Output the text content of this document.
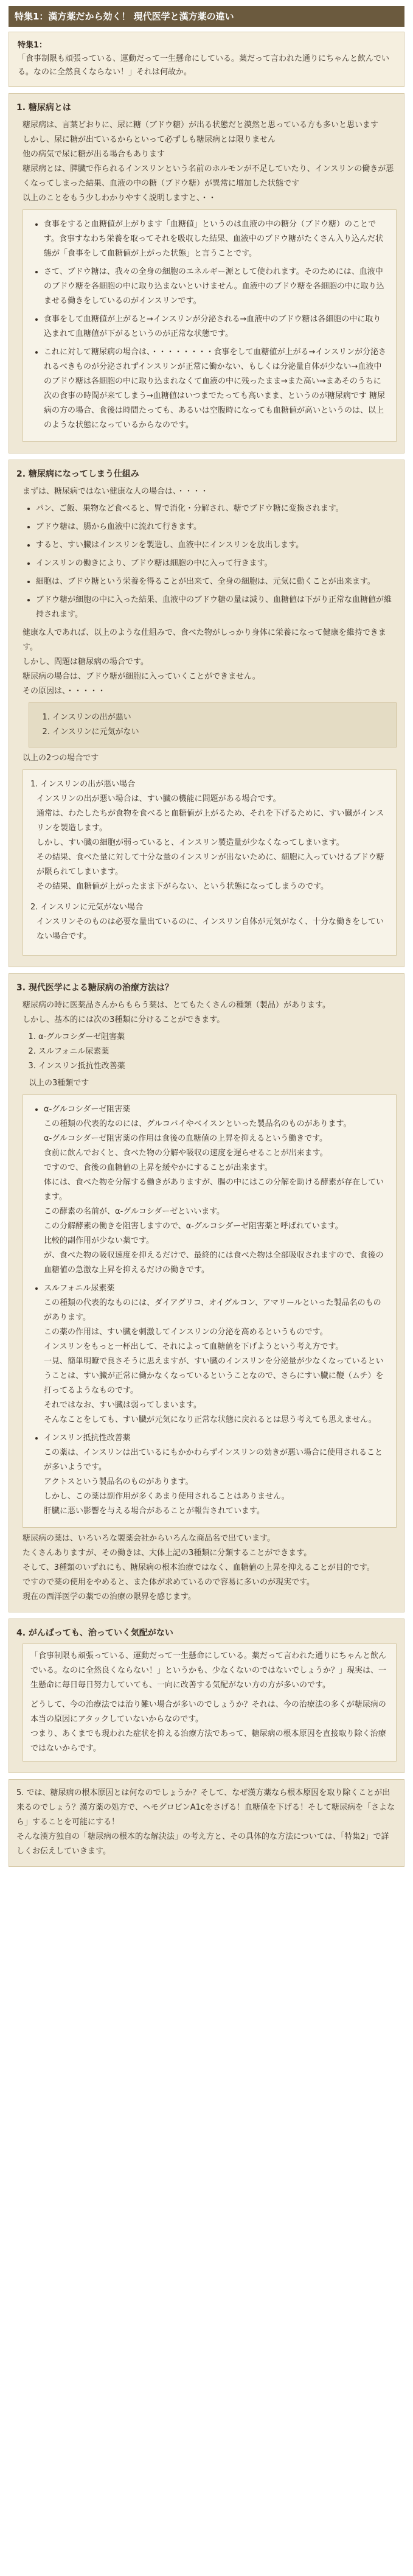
特集1：漢方薬だから効く！ 現代医学と漢方薬の違い
特集1：
「食事制限も頑張っている、運動だって一生懸命にしている。薬だって言われた通りにちゃんと飲んでいる。なのに全然良くならない！」それは何故か。
1. 糖尿病とは

糖尿病は、言葉どおりに、尿に糖（ブドウ糖）が出る状態だと漠然と思っている方も多いと思います

しかし、尿に糖が出ているからといって必ずしも糖尿病とは限りません

他の病気で尿に糖が出る場合もあります

糖尿病とは、膵臓で作られるインスリンという名前のホルモンが不足していたり、インスリンの働きが悪くなってしまった結果、血液の中の糖（ブドウ糖）が異常に増加した状態です

以上のことをもう少しわかりやすく説明しますと、・・

• 食事をすると血糖値が上がります「血糖値」というのは血液の中の糖分（ブドウ糖）のことです。食事すなわち栄養を取ってそれを吸収した結果、血液中のブドウ糖がたくさん入り込んだ状態が「食事をして血糖値が上がった状態」と言うことです。
• さて、ブドウ糖は、我々の全身の細胞のエネルギー源として使われます。そのためには、血液中のブドウ糖を各細胞の中に取り込まないといけません。血液中のブドウ糖を各細胞の中に取り込ませる働きをしているのがインスリンです。
• 食事をして血糖値が上がると→インスリンが分泌される→血液中のブドウ糖は各細胞の中に取り込まれて血糖値が下がるというのが正常な状態です。
• これに対して糖尿病の場合は、・・・・・・・・食事をして血糖値が上がる→インスリンが分泌されるべきものが分泌されずインスリンが正常に働かない、もしくは分泌量自体が少ない→血液中のブドウ糖は各細胞の中に取り込まれなくて血液の中に残ったまま→また高い→まあそのうちに次の食事の時間が来てしまう→血糖値はいつまでたっても高いまま、というのが糖尿病です 糖尿病の方の場合、食後は時間たっても、あるいは空腹時になっても血糖値が高いというのは、以上のような状態になっているからなのです。
2. 糖尿病になってしまう仕組み

まずは、糖尿病ではない健康な人の場合は、・・・・

• パン、ご飯、果物など食べると、胃で消化・分解され、糖でブドウ糖に変換されます。
• ブドウ糖は、腸から血液中に流れて行きます。
• すると、すい臓はインスリンを製造し、血液中にインスリンを放出します。
• インスリンの働きにより、ブドウ糖は細胞の中に入って行きます。
• 細胞は、ブドウ糖という栄養を得ることが出来て、全身の細胞は、元気に動くことが出来ます。
• ブドウ糖が細胞の中に入った結果、血液中のブドウ糖の量は減り、血糖値は下がり正常な血糖値が維持されます。

健康な人であれば、以上のような仕組みで、食べた物がしっかり身体に栄養になって健康を維持できます。

しかし、問題は糖尿病の場合です。

糖尿病の場合は、ブドウ糖が細胞に入っていくことができません。

その原因は、・・・・・

1. インスリンの出が悪い
2. インスリンに元気がない

以上の2つの場合です

1. インスリンの出が悪い場合

インスリンの出が悪い場合は、すい臓の機能に問題がある場合です。

通常は、わたしたちが食物を食べると血糖値が上がるため、それを下げるために、すい臓がインスリンを製造します。

しかし、すい臓の細胞が弱っていると、インスリン製造量が少なくなってしまいます。

その結果、食べた量に対して十分な量のインスリンが出ないために、細胞に入っていけるブドウ糖が限られてしまいます。

その結果、血糖値が上がったまま下がらない、という状態になってしまうのです。

2. インスリンに元気がない場合

インスリンそのものは必要な量出ているのに、インスリン自体が元気がなく、十分な働きをしていない場合です。

3. 現代医学による糖尿病の治療方法は？

糖尿病の時に医薬品さんからもらう薬は、とてもたくさんの種類（製品）があります。

しかし、基本的には次の3種類に分けることができます。

1. α-グルコシダーゼ阻害薬
2. スルフォニル尿素薬
3. インスリン抵抗性改善薬

以上の3種類です

• α-グルコシダーゼ阻害薬

この種類の代表的なのには、グルコバイやベイスンといった製品名のものがあります。

α-グルコシダーゼ阻害薬の作用は食後の血糖値の上昇を抑えるという働きです。

食前に飲んでおくと、食べた物の分解や吸収の速度を遅らせることが出来ます。

ですので、食後の血糖値の上昇を緩やかにすることが出来ます。

体には、食べた物を分解する働きがありますが、腸の中にはこの分解を助ける酵素が存在しています。

この酵素の名前が、α-グルコシダーゼといいます。

この分解酵素の働きを阻害しますので、α-グルコシダーゼ阻害薬と呼ばれています。

比較的副作用が少ない薬です。

が、食べた物の吸収速度を抑えるだけで、最終的には食べた物は全部吸収されますので、食後の血糖値の急激な上昇を抑えるだけの働きです。

• スルフォニル尿素薬

この種類の代表的なものには、ダイアグリコ、オイグルコン、アマリールといった製品名のものがあります。

この薬の作用は、すい臓を刺激してインスリンの分泌を高めるというものです。

インスリンをもっと一杯出して、それによって血糖値を下げようという考え方です。

一見、簡単明瞭で良さそうに思えますが、すい臓のインスリンを分泌量が少なくなっているということは、すい臓が正常に働かなくなっているということなので、さらにすい臓に鞭（ムチ）を打ってるようなものです。

それではなお、すい臓は弱ってしまいます。

そんなことをしても、すい臓が元気になり正常な状態に戻れるとは思う考えても思えません。

• インスリン抵抗性改善薬

この薬は、インスリンは出ているにもかかわらずインスリンの効きが悪い場合に使用されることが多いようです。

アクトスという製品名のものがあります。

しかし、この薬は副作用が多くあまり使用されることはありません。

肝臓に悪い影響を与える場合があることが報告されています。

糖尿病の薬は、いろいろな製薬会社からいろんな商品名で出ています。

たくさんありますが、その働きは、大体上記の3種類に分類することができます。

そして、3種類のいずれにも、糖尿病の根本治療ではなく、血糖値の上昇を抑えることが目的です。

ですので薬の使用をやめると、また体が求めているので容易に多いのが現実です。

現在の西洋医学の薬での治療の限界を感じます。

4. がんばっても、治っていく気配がない

「食事制限も頑張っている、運動だって一生懸命にしている。薬だって言われた通りにちゃんと飲んでいる。なのに全然良くならない！」というかも、少なくないのではないでしょうか？」現実は、一生懸命に毎日毎日努力していても、一向に改善する気配がない方の方が多いのです。

どうして、今の治療法では治り難い場合が多いのでしょうか？それは、今の治療法の多くが糖尿病の本当の原因にアタックしていないからなのです。

つまり、あくまでも現われた症状を抑える治療方法であって、糖尿病の根本原因を直接取り除く治療ではないからです。

5. では、糖尿病の根本原因とは何なのでしょうか？そして、なぜ漢方薬なら根本原因を取り除くことが出来るのでしょう？漢方薬の処方で、ヘモグロビンA1cをさげる！血糖値を下げる！そして糖尿病を「さよなら」することを可能にする！

そんな漢方独自の「糖尿病の根本的な解決法」の考え方と、その具体的な方法については、「特集2」で詳しくお伝えしていきます。
